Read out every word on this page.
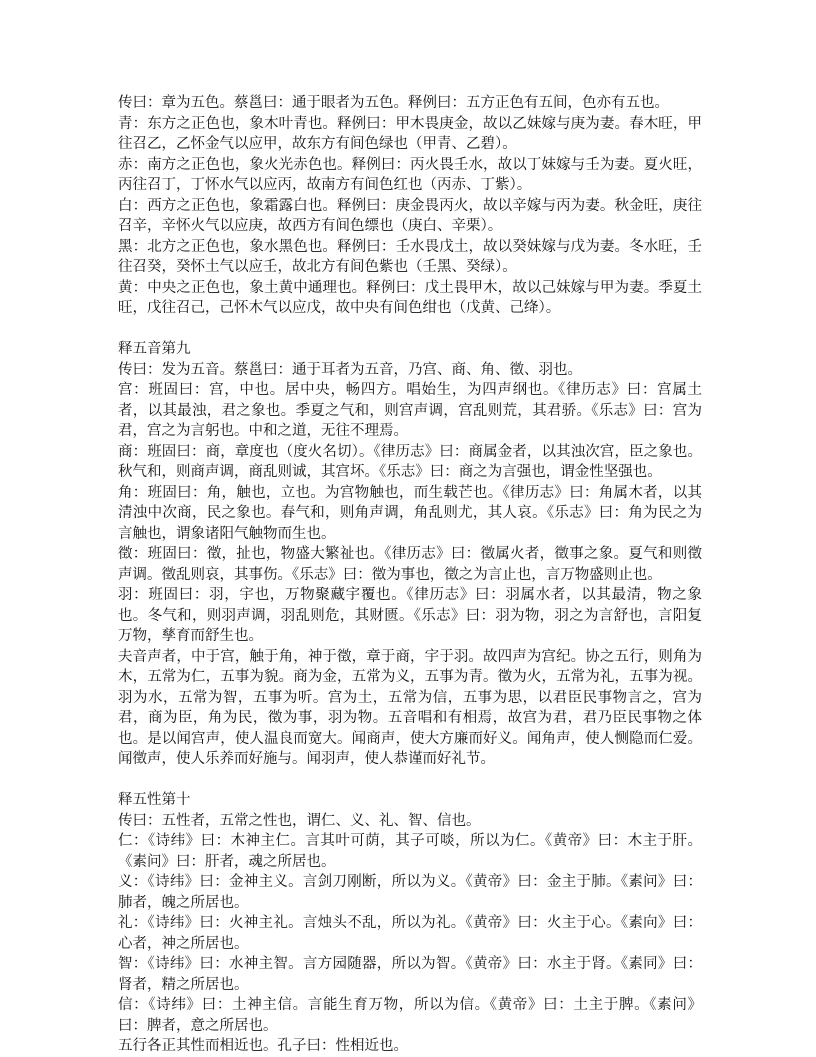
传曰：章为五色。蔡邕曰：通于眼者为五色。释例曰：五方正色有五间，色亦有五也。

青：东方之正色也，象木叶青也。释例曰：甲木畏庚金，故以乙妹嫁与庚为妻。春木旺，甲往召乙，乙怀金气以应甲，故东方有间色绿也（甲青、乙碧）。

赤：南方之正色也，象火光赤色也。释例曰：丙火畏壬水，故以丁妹嫁与壬为妻。夏火旺，丙往召丁，丁怀水气以应丙，故南方有间色红也（丙赤、丁紫）。

白：西方之正色也，象霜露白也。释例曰：庚金畏丙火，故以辛嫁与丙为妻。秋金旺，庚往召辛，辛怀火气以应庚，故西方有间色缥也（庚白、辛栗）。

黑：北方之正色也，象水黑色也。释例曰：壬水畏戊土，故以癸妹嫁与戊为妻。冬水旺，壬往召癸，癸怀土气以应壬，故北方有间色紫也（壬黑、癸绿）。

黄：中央之正色也，象土黄中通理也。释例曰：戊土畏甲木，故以己妹嫁与甲为妻。季夏土旺，戊往召己，己怀木气以应戊，故中央有间色绀也（戊黄、己绛）。

释五音第九

传曰：发为五音。蔡邕曰：通于耳者为五音，乃宫、商、角、徵、羽也。

宫：班固曰：宫，中也。居中央，畅四方。唱始生，为四声纲也。《律历志》曰：宫属土者，以其最浊，君之象也。季夏之气和，则宫声调，宫乱则荒，其君骄。《乐志》曰：宫为君，宫之为言躬也。中和之道，无往不理焉。

商：班固曰：商，章度也（度火名切）。《律历志》曰：商属金者，以其浊次宫，臣之象也。秋气和，则商声调，商乱则诚，其宫坏。《乐志》曰：商之为言强也，谓金性坚强也。

角：班固曰：角，触也，立也。为宫物触也，而生载芒也。《律历志》曰：角属木者，以其清浊中次商，民之象也。春气和，则角声调，角乱则尤，其人哀。《乐志》曰：角为民之为言触也，谓象诸阳气触物而生也。

徵：班固曰：徵，扯也，物盛大繁祉也。《律历志》曰：徵属火者，徵事之象。夏气和则徵声调。徵乱则哀，其事伤。《乐志》曰：徵为事也，徵之为言止也，言万物盛则止也。

羽：班固曰：羽，宇也，万物聚藏宇覆也。《律历志》曰：羽属水者，以其最清，物之象也。冬气和，则羽声调，羽乱则危，其财匮。《乐志》曰：羽为物，羽之为言舒也，言阳复万物，孳育而舒生也。

夫音声者，中于宫，触于角，神于徵，章于商，宇于羽。故四声为宫纪。协之五行，则角为木，五常为仁，五事为貌。商为金，五常为义，五事为青。徵为火，五常为礼，五事为视。羽为水，五常为智，五事为听。宫为土，五常为信，五事为思，以君臣民事物言之，宫为君，商为臣，角为民，徵为事，羽为物。五音唱和有相焉，故宫为君，君乃臣民事物之体也。是以闻宫声，使人温良而宽大。闻商声，使大方廉而好义。闻角声，使人恻隐而仁爱。闻徵声，使人乐养而好施与。闻羽声，使人恭谨而好礼节。

释五性第十

传曰：五性者，五常之性也，谓仁、义、礼、智、信也。

仁：《诗纬》曰：木神主仁。言其叶可荫，其子可啖，所以为仁。《黄帝》曰：木主于肝。《素问》曰：肝者，魂之所居也。

义：《诗纬》曰：金神主义。言剑刀刚断，所以为义。《黄帝》曰：金主于肺。《素问》曰：肺者，魄之所居也。

礼：《诗纬》曰：火神主礼。言烛头不乱，所以为礼。《黄帝》曰：火主于心。《素向》曰：心者，神之所居也。

智：《诗纬》曰：水神主智。言方园随器，所以为智。《黄帝》曰：水主于肾。《素同》曰：肾者，精之所居也。

信：《诗纬》曰：土神主信。言能生育万物，所以为信。《黄帝》曰：土主于脾。《素问》曰：脾者，意之所居也。

五行各正其性而相近也。孔子曰：性相近也。
